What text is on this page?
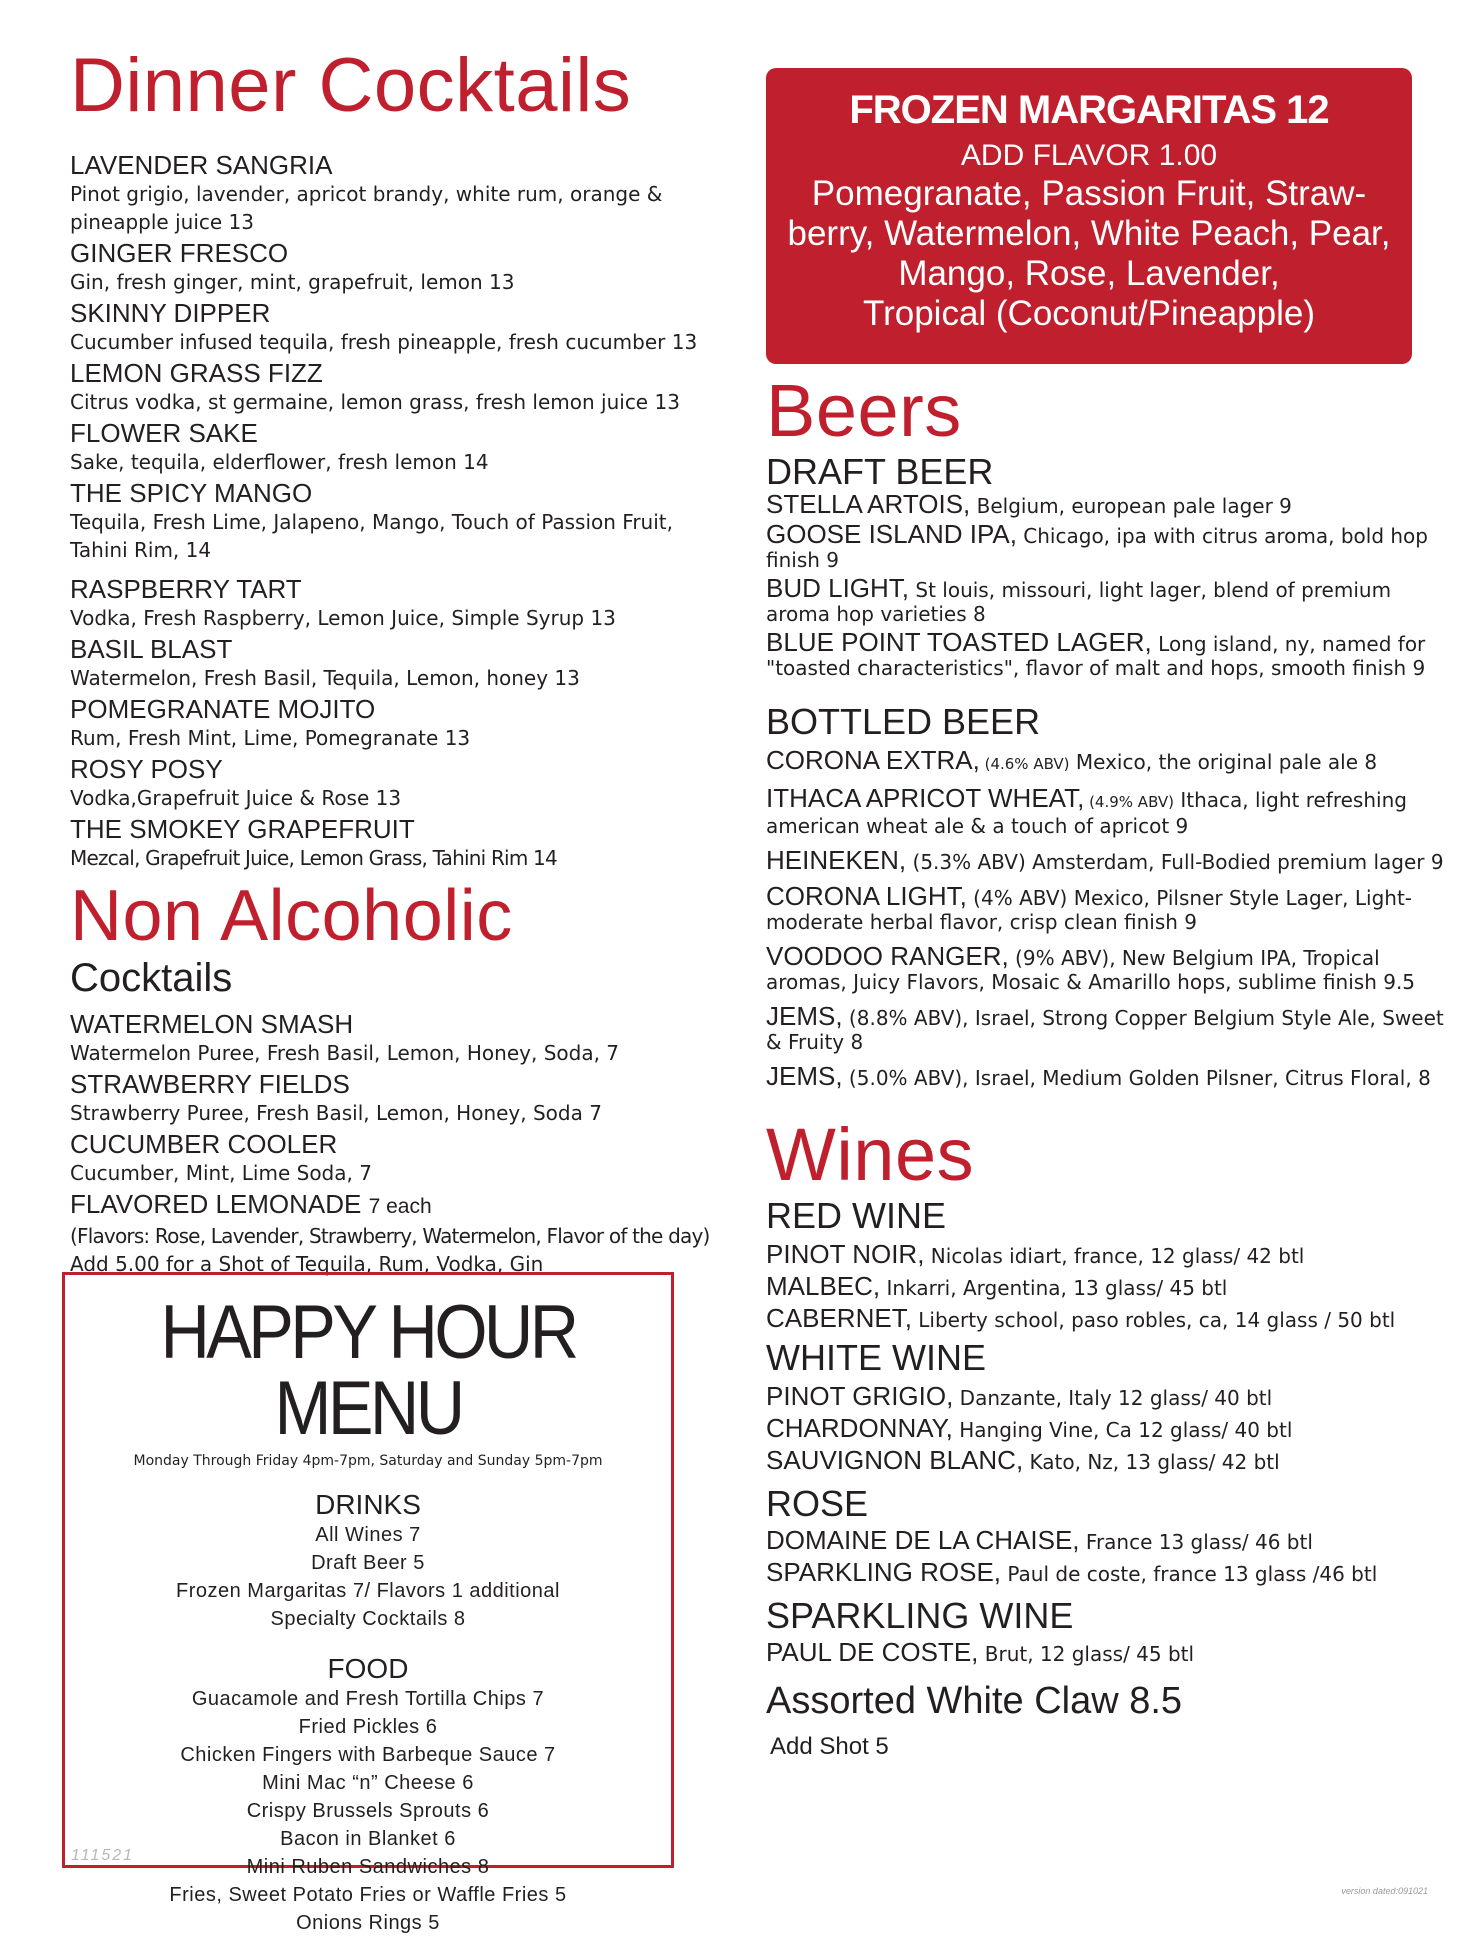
Dinner Cocktails
LAVENDER SANGRIA
Pinot grigio, lavender, apricot brandy, white rum, orange & pineapple juice 13
GINGER FRESCO
Gin, fresh ginger, mint, grapefruit, lemon 13
SKINNY DIPPER
Cucumber infused tequila, fresh pineapple, fresh cucumber 13
LEMON GRASS FIZZ
Citrus vodka, st germaine, lemon grass, fresh lemon juice 13
FLOWER SAKE
Sake, tequila, elderflower, fresh lemon 14
THE SPICY MANGO
Tequila, Fresh Lime, Jalapeno, Mango, Touch of Passion Fruit, Tahini Rim, 14
RASPBERRY TART
Vodka, Fresh Raspberry, Lemon Juice, Simple Syrup 13
BASIL BLAST
Watermelon, Fresh Basil, Tequila, Lemon, honey 13
POMEGRANATE MOJITO
Rum, Fresh Mint, Lime, Pomegranate 13
ROSY POSY
Vodka,Grapefruit Juice & Rose 13
THE SMOKEY GRAPEFRUIT
Mezcal, Grapefruit Juice, Lemon Grass, Tahini Rim 14
Non Alcoholic
Cocktails
WATERMELON SMASH
Watermelon Puree, Fresh Basil, Lemon, Honey, Soda, 7
STRAWBERRY FIELDS
Strawberry Puree, Fresh Basil, Lemon, Honey, Soda 7
CUCUMBER COOLER
Cucumber, Mint, Lime Soda, 7
FLAVORED LEMONADE 7 each
(Flavors: Rose, Lavender, Strawberry, Watermelon, Flavor of the day)
Add 5.00 for a Shot of Tequila, Rum, Vodka, Gin
HAPPY HOUR MENU
Monday Through Friday 4pm-7pm, Saturday and Sunday 5pm-7pm
DRINKS
All Wines 7
Draft Beer 5
Frozen Margaritas 7/ Flavors 1 additional
Specialty Cocktails 8
FOOD
Guacamole and Fresh Tortilla Chips 7
Fried Pickles 6
Chicken Fingers with Barbeque Sauce 7
Mini Mac “n” Cheese 6
Crispy Brussels Sprouts 6
Bacon in Blanket 6
Mini Ruben Sandwiches 8
Fries, Sweet Potato Fries or Waffle Fries 5
Onions Rings 5
111521
FROZEN MARGARITAS 12
ADD FLAVOR 1.00
Pomegranate, Passion Fruit, Straw-
berry, Watermelon, White Peach, Pear,
Mango, Rose, Lavender,
Tropical (Coconut/Pineapple)
Beers
DRAFT BEER
STELLA ARTOIS, Belgium, european pale lager 9
GOOSE ISLAND IPA, Chicago, ipa with citrus aroma, bold hop finish 9
BUD LIGHT, St louis, missouri, light lager, blend of premium aroma hop varieties 8
BLUE POINT TOASTED LAGER, Long island, ny, named for "toasted characteristics", flavor of malt and hops, smooth finish 9
BOTTLED BEER
CORONA EXTRA, (4.6% ABV) Mexico, the original pale ale 8
ITHACA APRICOT WHEAT, (4.9% ABV) Ithaca, light refreshing american wheat ale & a touch of apricot 9
HEINEKEN, (5.3% ABV) Amsterdam, Full-Bodied premium lager 9
CORONA LIGHT, (4% ABV) Mexico, Pilsner Style Lager, Light-moderate herbal flavor, crisp clean finish 9
VOODOO RANGER, (9% ABV), New Belgium IPA, Tropical aromas, Juicy Flavors, Mosaic & Amarillo hops, sublime finish 9.5
JEMS, (8.8% ABV), Israel, Strong Copper Belgium Style Ale, Sweet & Fruity 8
JEMS, (5.0% ABV), Israel, Medium Golden Pilsner, Citrus Floral, 8
Wines
RED WINE
PINOT NOIR, Nicolas idiart, france, 12 glass/ 42 btl
MALBEC, Inkarri, Argentina, 13 glass/ 45 btl
CABERNET, Liberty school, paso robles, ca, 14 glass / 50 btl
WHITE WINE
PINOT GRIGIO, Danzante, Italy 12 glass/ 40 btl
CHARDONNAY, Hanging Vine, Ca 12 glass/ 40 btl
SAUVIGNON BLANC, Kato, Nz, 13 glass/ 42 btl
ROSE
DOMAINE DE LA CHAISE, France 13 glass/ 46 btl
SPARKLING ROSE, Paul de coste, france 13 glass /46 btl
SPARKLING WINE
PAUL DE COSTE, Brut, 12 glass/ 45 btl
Assorted White Claw 8.5
Add Shot 5
version dated:091021
